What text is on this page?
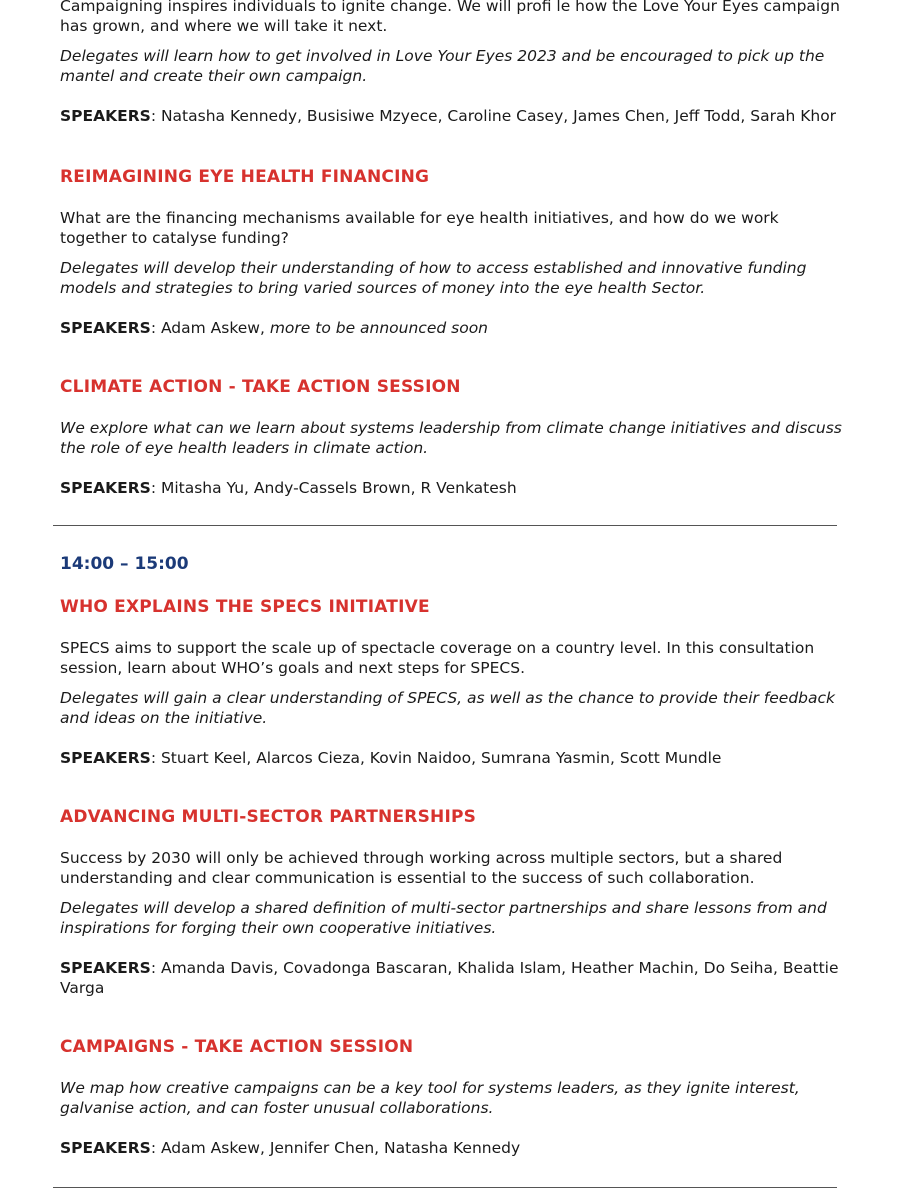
Campaigning inspires individuals to ignite change. We will profi le how the Love Your Eyes campaign has grown, and where we will take it next.

Delegates will learn how to get involved in Love Your Eyes 2023 and be encouraged to pick up the mantel and create their own campaign.

SPEAKERS: Natasha Kennedy, Busisiwe Mzyece, Caroline Casey, James Chen, Jeff Todd, Sarah Khor

REIMAGINING EYE HEALTH FINANCING

What are the financing mechanisms available for eye health initiatives, and how do we work together to catalyse funding?

Delegates will develop their understanding of how to access established and innovative funding models and strategies to bring varied sources of money into the eye health Sector.

SPEAKERS: Adam Askew, more to be announced soon

CLIMATE ACTION - TAKE ACTION SESSION

We explore what can we learn about systems leadership from climate change initiatives and discuss the role of eye health leaders in climate action.

SPEAKERS: Mitasha Yu, Andy-Cassels Brown, R Venkatesh

14:00 – 15:00
WHO EXPLAINS THE SPECS INITIATIVE

SPECS aims to support the scale up of spectacle coverage on a country level. In this consultation session, learn about WHO’s goals and next steps for SPECS.

Delegates will gain a clear understanding of SPECS, as well as the chance to provide their feedback and ideas on the initiative.

SPEAKERS: Stuart Keel, Alarcos Cieza, Kovin Naidoo, Sumrana Yasmin, Scott Mundle

ADVANCING MULTI-SECTOR PARTNERSHIPS

Success by 2030 will only be achieved through working across multiple sectors, but a shared understanding and clear communication is essential to the success of such collaboration.

Delegates will develop a shared definition of multi-sector partnerships and share lessons from and inspirations for forging their own cooperative initiatives.

SPEAKERS: Amanda Davis, Covadonga Bascaran, Khalida Islam, Heather Machin, Do Seiha, Beattie Varga

CAMPAIGNS - TAKE ACTION SESSION

We map how creative campaigns can be a key tool for systems leaders, as they ignite interest, galvanise action, and can foster unusual collaborations.

SPEAKERS: Adam Askew, Jennifer Chen, Natasha Kennedy
